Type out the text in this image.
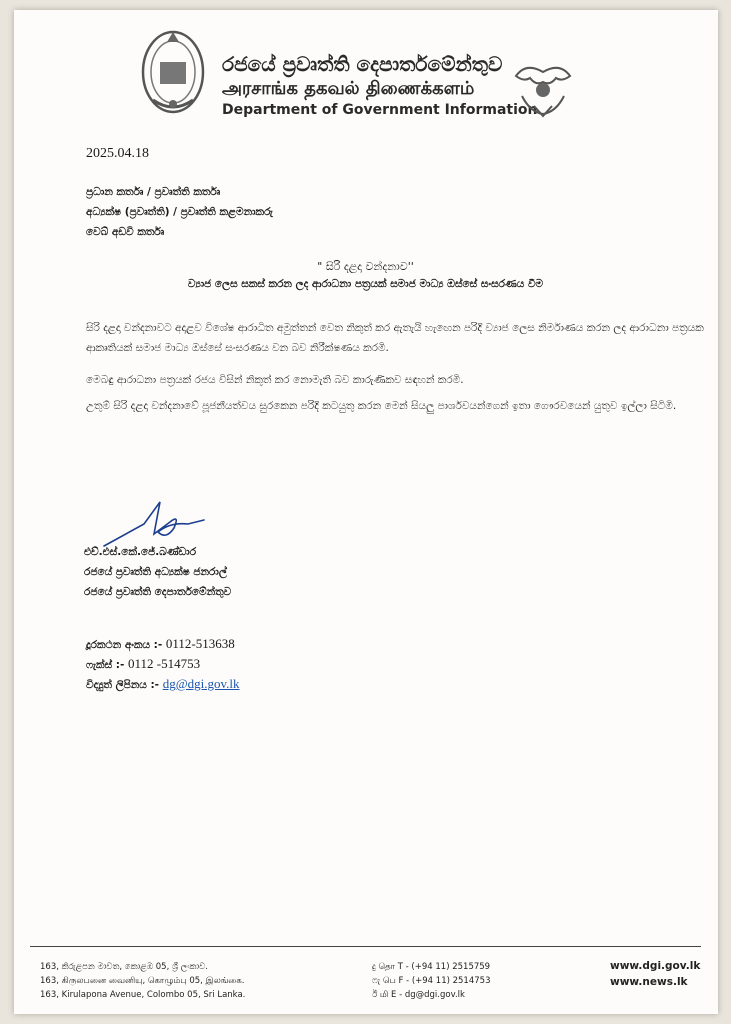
රජයේ ප්‍රවෘත්ති දෙපාර්තමේන්තුව
அரசாங்க தகவல் திணைக்களம்
Department of Government Information
2025.04.18
ප්‍රධාන කර්තෘ / ප්‍රවෘත්ති කර්තෘ
අධ්‍යක්ෂ (ප්‍රවෘත්ති) / ප්‍රවෘත්ති කළමනාකරු
වෙබ් අඩවි කර්තෘ
" සිරි දළදා වන්දනාව''
ව්‍යාජ ලෙස සකස් කරන ලද ආරාධනා පත්‍රයක් සමාජ මාධ්‍ය ඔස්සේ සංසරණය වීම
සිරි දළදා වන්දනාවට අදාළව විශේෂ ආරාධිත අමුත්තන් වෙත නිකුත් කර ඇතැයි හැඟෙන පරිදි ව්‍යාජ ලෙස නිර්මාණය කරන ලද ආරාධනා පත්‍රයක ආකෘතියක් සමාජ මාධ්‍ය ඔස්සේ සංසරණය වන බව නිරීක්ෂණය කරමි.
මෙබඳු ආරාධනා පත්‍රයක් රජය විසින් නිකුත් කර නොමැති බව කාරුණිකව සඳහන් කරමි.
උතුම් සිරි දළදා වන්දනාවේ පූජනීයත්වය සුරකෙන පරිදි කටයුතු කරන මෙන් සියලු පාර්ශවයන්ගෙන් ඉතා ගෞරවයෙන් යුතුව ඉල්ලා සිටිමි.
එච්.එස්.කේ.ජේ.බණ්ඩාර
රජයේ ප්‍රවෘත්ති අධ්‍යක්ෂ ජනරාල්
රජයේ ප්‍රවෘත්ති දෙපාර්තමේන්තුව
දූරකථන අංකය :- 0112-513638
ෆැක්ස් :- 0112 -514753
විද්‍යුත් ලිපිනය :- dg@dgi.gov.lk
163, කිරුළපන මාවත, කොළඹ 05, ශ්‍රී ලංකාව.
163, கிருலபனை வைனியு, கொழும்பு 05, இலங்கை.
163, Kirulapona Avenue, Colombo 05, Sri Lanka.
දු தொ T - (+94 11) 2515759
ෆැ பெ F - (+94 11) 2514753
ඊ மி E - dg@dgi.gov.lk
www.dgi.gov.lk
www.news.lk
